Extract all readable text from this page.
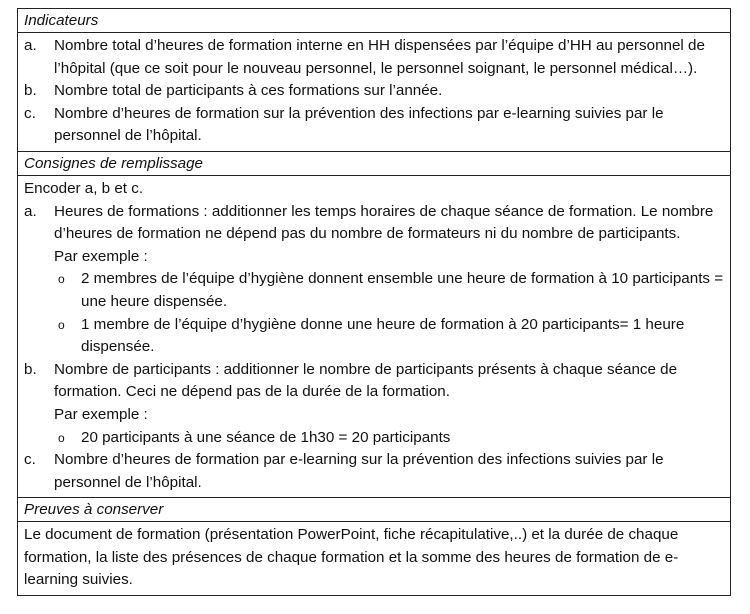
Indicateurs
a.	Nombre total d’heures de formation interne en HH dispensées par l’équipe d’HH au personnel de l’hôpital (que ce soit pour le nouveau personnel, le personnel soignant, le personnel médical…).
b.	Nombre total de participants à ces formations sur l’année.
c.	Nombre d’heures de formation sur la prévention des infections par e-learning suivies par le personnel de l’hôpital.
Consignes de remplissage
Encoder a, b et c.
a.	Heures de formations : additionner les temps horaires de chaque séance de formation. Le nombre d’heures de formation ne dépend pas du nombre de formateurs ni du nombre de participants.
Par exemple :
o 2 membres de l’équipe d’hygiène donnent ensemble une heure de formation à 10 participants = une heure dispensée.
o 1 membre de l’équipe d’hygiène donne une heure de formation à 20 participants= 1 heure dispensée.
b.	Nombre de participants : additionner le nombre de participants présents à chaque séance de formation. Ceci ne dépend pas de la durée de la formation.
Par exemple :
o 20 participants à une séance de 1h30 = 20 participants
c.	Nombre d’heures de formation par e-learning sur la prévention des infections suivies par le personnel de l’hôpital.
Preuves à conserver
Le document de formation (présentation PowerPoint, fiche récapitulative,..) et la durée de chaque formation, la liste des présences de chaque formation et la somme des heures de formation de e-learning suivies.
